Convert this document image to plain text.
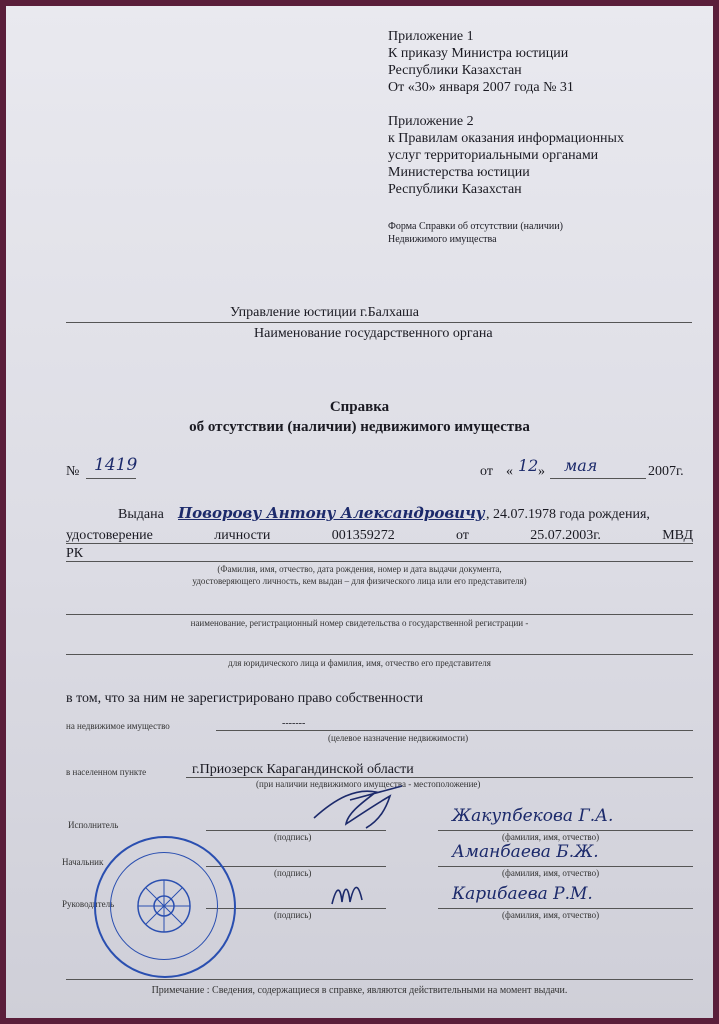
Приложение 1
К приказу Министра юстиции
Республики Казахстан
От «30» января 2007 года № 31
Приложение 2
к Правилам оказания информационных
услуг территориальными органами
Министерства юстиции
Республики Казахстан
Форма Справки об отсутствии (наличии)
Недвижимого имущества
Управление юстиции г.Балхаша
Наименование государственного органа
Справка
об отсутствии (наличии) недвижимого имущества
№ 1419	от « 12 » мая	2007г.
Выдана Поворову Антону Александровичу , 24.07.1978 года рождения,
удостоверение	личности	001359272	от	25.07.2003г.	МВД
РК
(Фамилия, имя, отчество, дата рождения, номер и дата выдачи документа,
удостоверяющего личность, кем выдан – для физического лица или его представителя)
наименование, регистрационный номер свидетельства о государственной регистрации -
для юридического лица и фамилия, имя, отчество его представителя
в том, что за ним не зарегистрировано право собственности
на недвижимое имущество	-------
(целевое назначение недвижимости)
в населенном пункте	г.Приозерск Карагандинской области
(при наличии недвижимого имущества - местоположение)
Исполнитель
(подпись)
Жакупбекова Г.А.
(фамилия, имя, отчество)
Начальник
(подпись)
Аманбаева Б.Ж.
(фамилия, имя, отчество)
Руководитель
(подпись)
Карибаева Р.М.
(фамилия, имя, отчество)
Примечание : Сведения, содержащиеся в справке, являются действительными на момент выдачи.
